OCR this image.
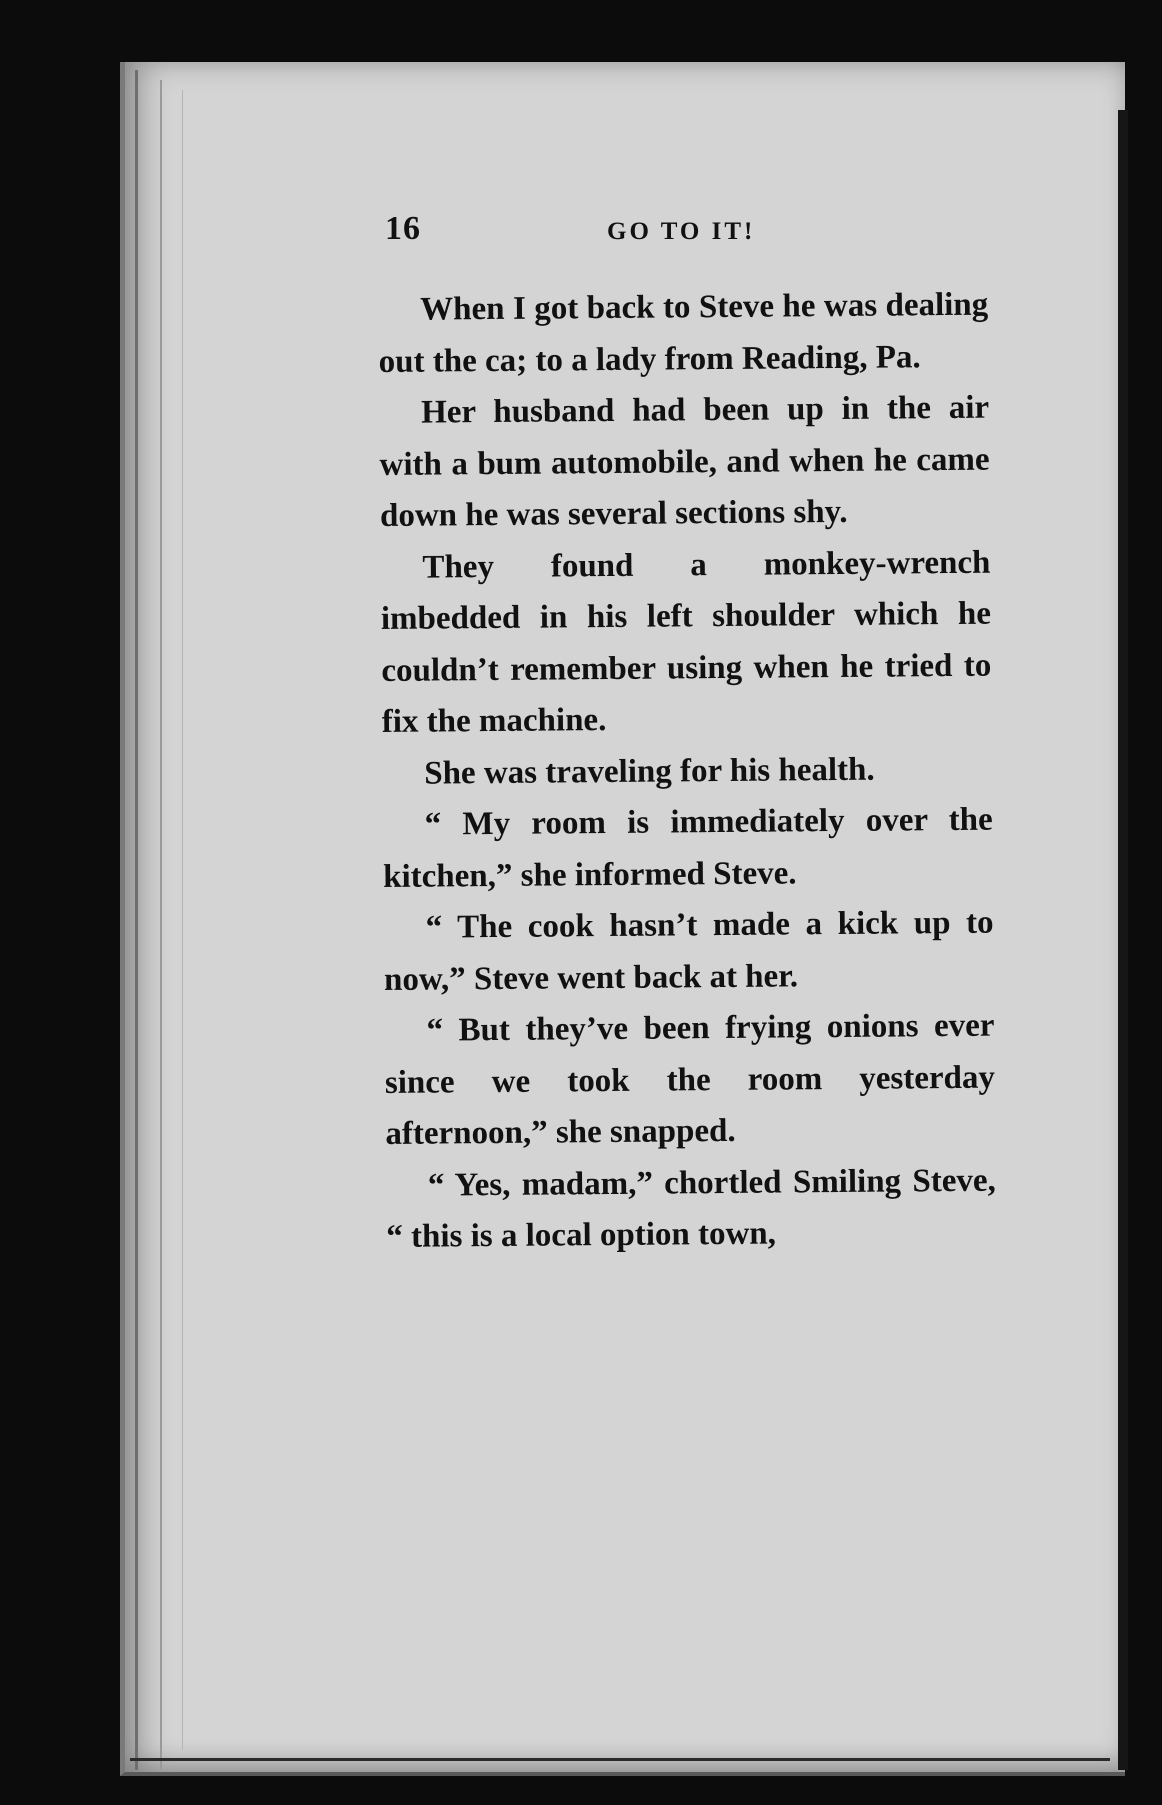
16	GO TO IT!

When I got back to Steve he was dealing out the ca; to a lady from Reading, Pa.

Her husband had been up in the air with a bum automobile, and when he came down he was several sections shy.

They found a monkey-wrench imbedded in his left shoulder which he couldn’t remember using when he tried to fix the machine.

She was traveling for his health.

“ My room is immediately over the kitchen,” she informed Steve.

“ The cook hasn’t made a kick up to now,” Steve went back at her.

“ But they’ve been frying onions ever since we took the room yesterday afternoon,” she snapped.

“ Yes, madam,” chortled Smiling Steve, “ this is a local option town,
